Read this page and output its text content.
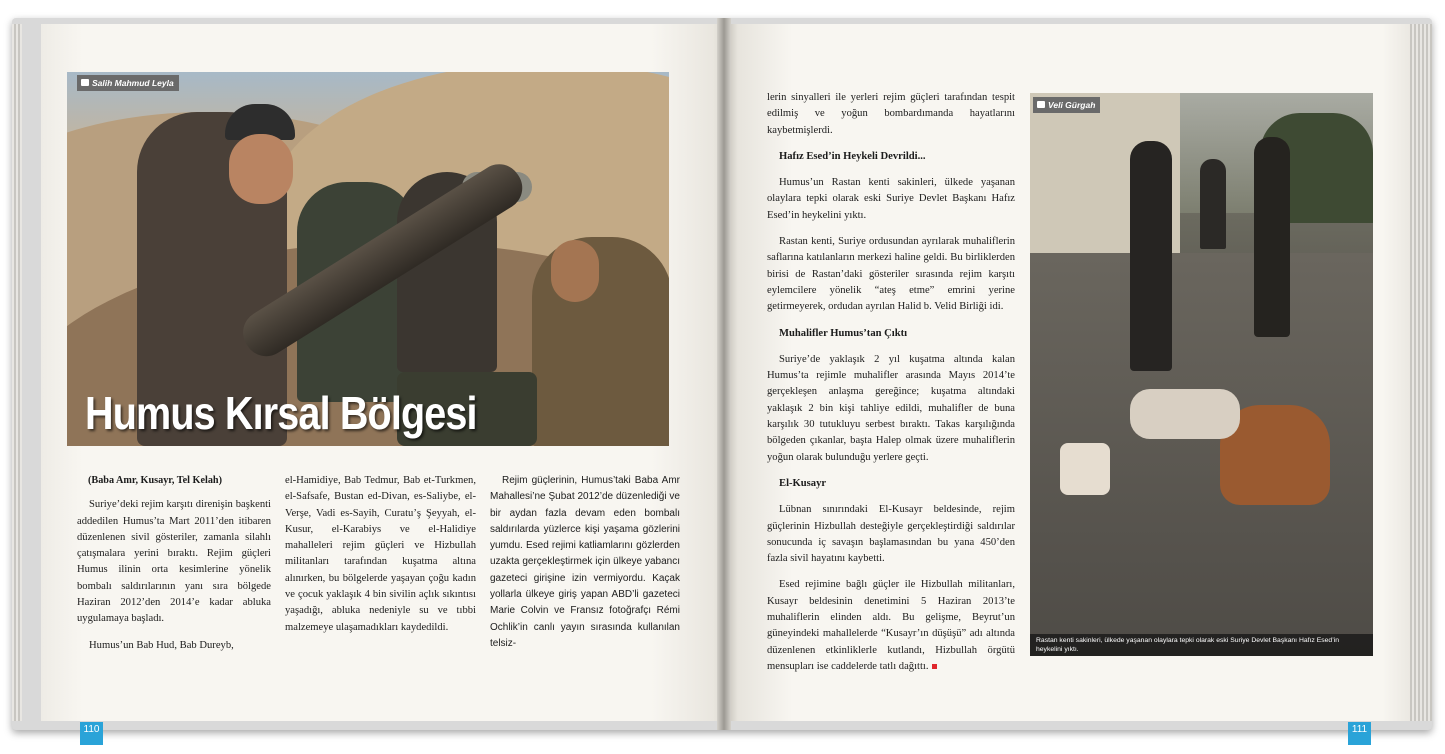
Salih Mahmud Leyla
Humus Kırsal Bölgesi

(Baba Amr, Kusayr, Tel Kelah)

Suriye’deki rejim karşıtı direnişin başkenti addedilen Humus’ta Mart 2011’den itibaren düzenlenen sivil gösteriler, zamanla silahlı çatışmalara yerini bıraktı. Rejim güçleri Humus ilinin orta kesimlerine yönelik bombalı saldırılarının yanı sıra bölgede Haziran 2012’den 2014’e kadar abluka uygulamaya başladı.

Humus’un Bab Hud, Bab Dureyb,

el-Hamidiye, Bab Tedmur, Bab et-Turkmen, el-Safsafe, Bustan ed-Divan, es-Saliybe, el-Verşe, Vadi es-Sayih, Curatu’ş Şeyyah, el-Kusur, el-Karabiys ve el-Halidiye mahalleleri rejim güçleri ve Hizbullah militanları tarafından kuşatma altına alınırken, bu bölgelerde yaşayan çoğu kadın ve çocuk yaklaşık 4 bin sivilin açlık sıkıntısı yaşadığı, abluka nedeniyle su ve tıbbi malzemeye ulaşamadıkları kaydedildi.

Rejim güçlerinin, Humus’taki Baba Amr Mahallesi’ne Şubat 2012’de düzenlediği ve bir aydan fazla devam eden bombalı saldırılarda yüzlerce kişi yaşama gözlerini yumdu. Esed rejimi katliamlarını gözlerden uzakta gerçekleştirmek için ülkeye yabancı gazeteci girişine izin vermiyordu. Kaçak yollarla ülkeye giriş yapan ABD’li gazeteci Marie Colvin ve Fransız fotoğrafçı Rémi Ochlik’in canlı yayın sırasında kullanılan telsiz-

110

lerin sinyalleri ile yerleri rejim güçleri tarafından tespit edilmiş ve yoğun bombardımanda hayatlarını kaybetmişlerdi.

Hafız Esed’in Heykeli Devrildi...

Humus’un Rastan kenti sakinleri, ülkede yaşanan olaylara tepki olarak eski Suriye Devlet Başkanı Hafız Esed’in heykelini yıktı.

Rastan kenti, Suriye ordusundan ayrılarak muhaliflerin saflarına katılanların merkezi haline geldi. Bu birliklerden birisi de Rastan’daki gösteriler sırasında rejim karşıtı eylemcilere yönelik “ateş etme” emrini yerine getirmeyerek, ordudan ayrılan Halid b. Velid Birliği idi.

Muhalifler Humus’tan Çıktı

Suriye’de yaklaşık 2 yıl kuşatma altında kalan Humus’ta rejimle muhalifler arasında Mayıs 2014’te gerçekleşen anlaşma gereğince; kuşatma altındaki yaklaşık 2 bin kişi tahliye edildi, muhalifler de buna karşılık 30 tutukluyu serbest bıraktı. Takas karşılığında bölgeden çıkanlar, başta Halep olmak üzere muhaliflerin yoğun olarak bulunduğu yerlere geçti.

El-Kusayr

Lübnan sınırındaki El-Kusayr beldesinde, rejim güçlerinin Hizbullah desteğiyle gerçekleştirdiği saldırılar sonucunda iç savaşın başlamasından bu yana 450’den fazla sivil hayatını kaybetti.

Esed rejimine bağlı güçler ile Hizbullah militanları, Kusayr beldesinin denetimini 5 Haziran 2013’te muhaliflerin elinden aldı. Bu gelişme, Beyrut’un güneyindeki mahallelerde “Kusayr’ın düşüşü” adı altında düzenlenen etkinliklerle kutlandı, Hizbullah örgütü mensupları ise caddelerde tatlı dağıttı.

Veli Gürgah
Rastan kenti sakinleri, ülkede yaşanan olaylara tepki olarak eski Suriye Devlet Başkanı Hafız Esed’in heykelini yıktı.
111
